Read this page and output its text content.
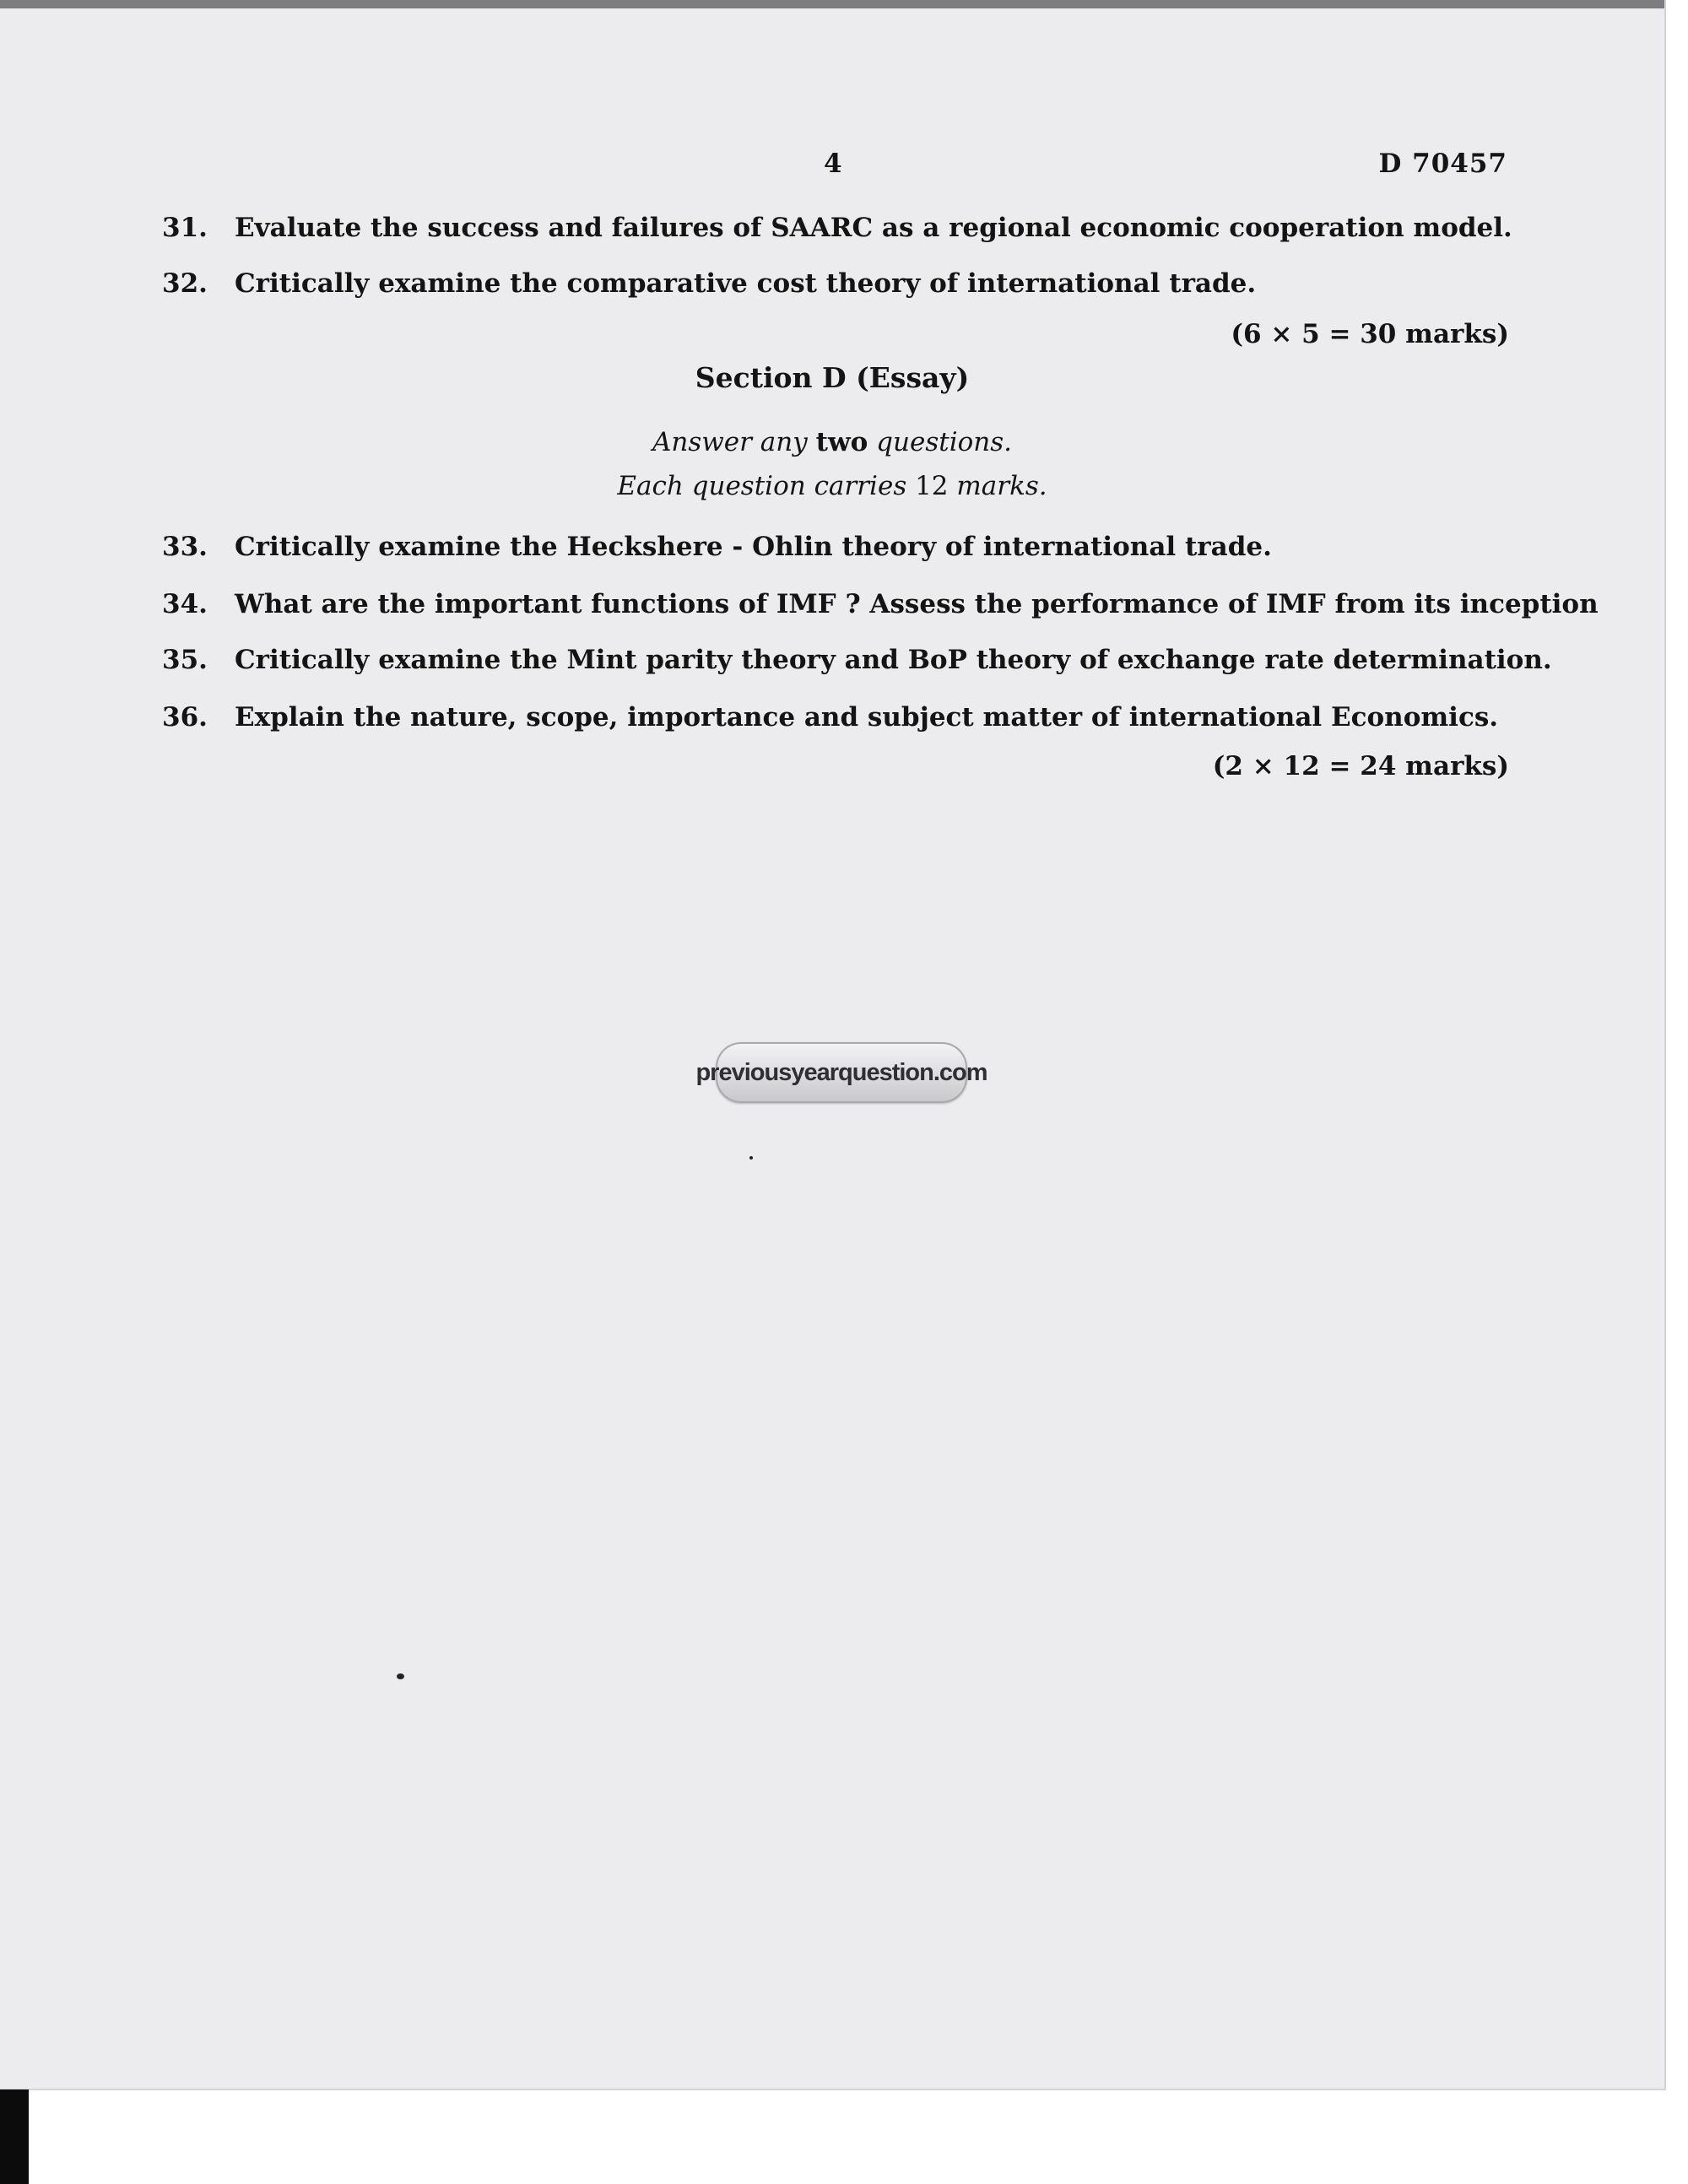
4	D 70457
31. Evaluate the success and failures of SAARC as a regional economic cooperation model.
32. Critically examine the comparative cost theory of international trade.
(6 × 5 = 30 marks)
Section D (Essay)
Answer any two questions.
Each question carries 12 marks.
33. Critically examine the Heckshere - Ohlin theory of international trade.
34. What are the important functions of IMF ? Assess the performance of IMF from its inception
35. Critically examine the Mint parity theory and BoP theory of exchange rate determination.
36. Explain the nature, scope, importance and subject matter of international Economics.
(2 × 12 = 24 marks)
previousyearquestion.com
